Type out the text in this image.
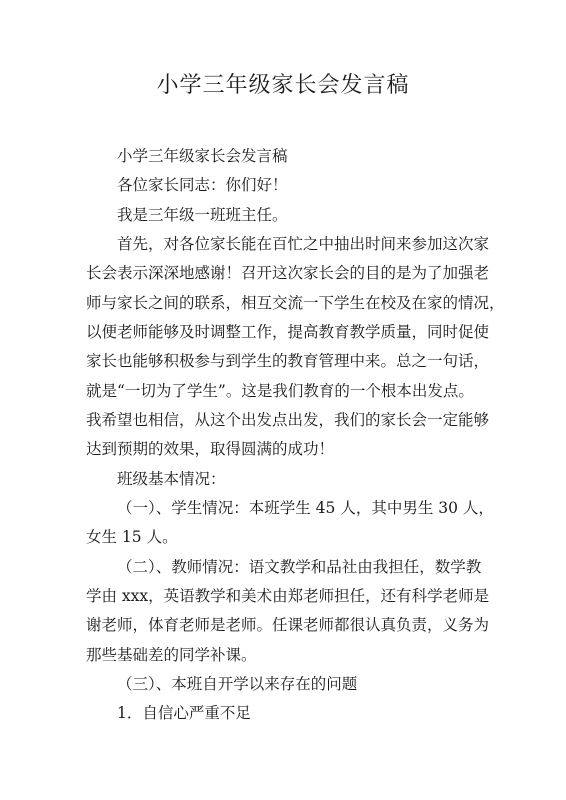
小学三年级家长会发言稿
小学三年级家长会发言稿
各位家长同志：你们好！
我是三年级一班班主任。
首先，对各位家长能在百忙之中抽出时间来参加这次家
长会表示深深地感谢！召开这次家长会的目的是为了加强老
师与家长之间的联系，相互交流一下学生在校及在家的情况，
以便老师能够及时调整工作，提高教育教学质量，同时促使
家长也能够积极参与到学生的教育管理中来。总之一句话，
就是“一切为了学生”。这是我们教育的一个根本出发点。
我希望也相信，从这个出发点出发，我们的家长会一定能够
达到预期的效果，取得圆满的成功！
班级基本情况：
（一）、学生情况：本班学生 45 人，其中男生 30 人，
女生 15 人。
（二）、教师情况：语文教学和品社由我担任，数学教
学由 xxx，英语教学和美术由郑老师担任，还有科学老师是
谢老师，体育老师是老师。任课老师都很认真负责，义务为
那些基础差的同学补课。
（三）、本班自开学以来存在的问题
1．自信心严重不足
